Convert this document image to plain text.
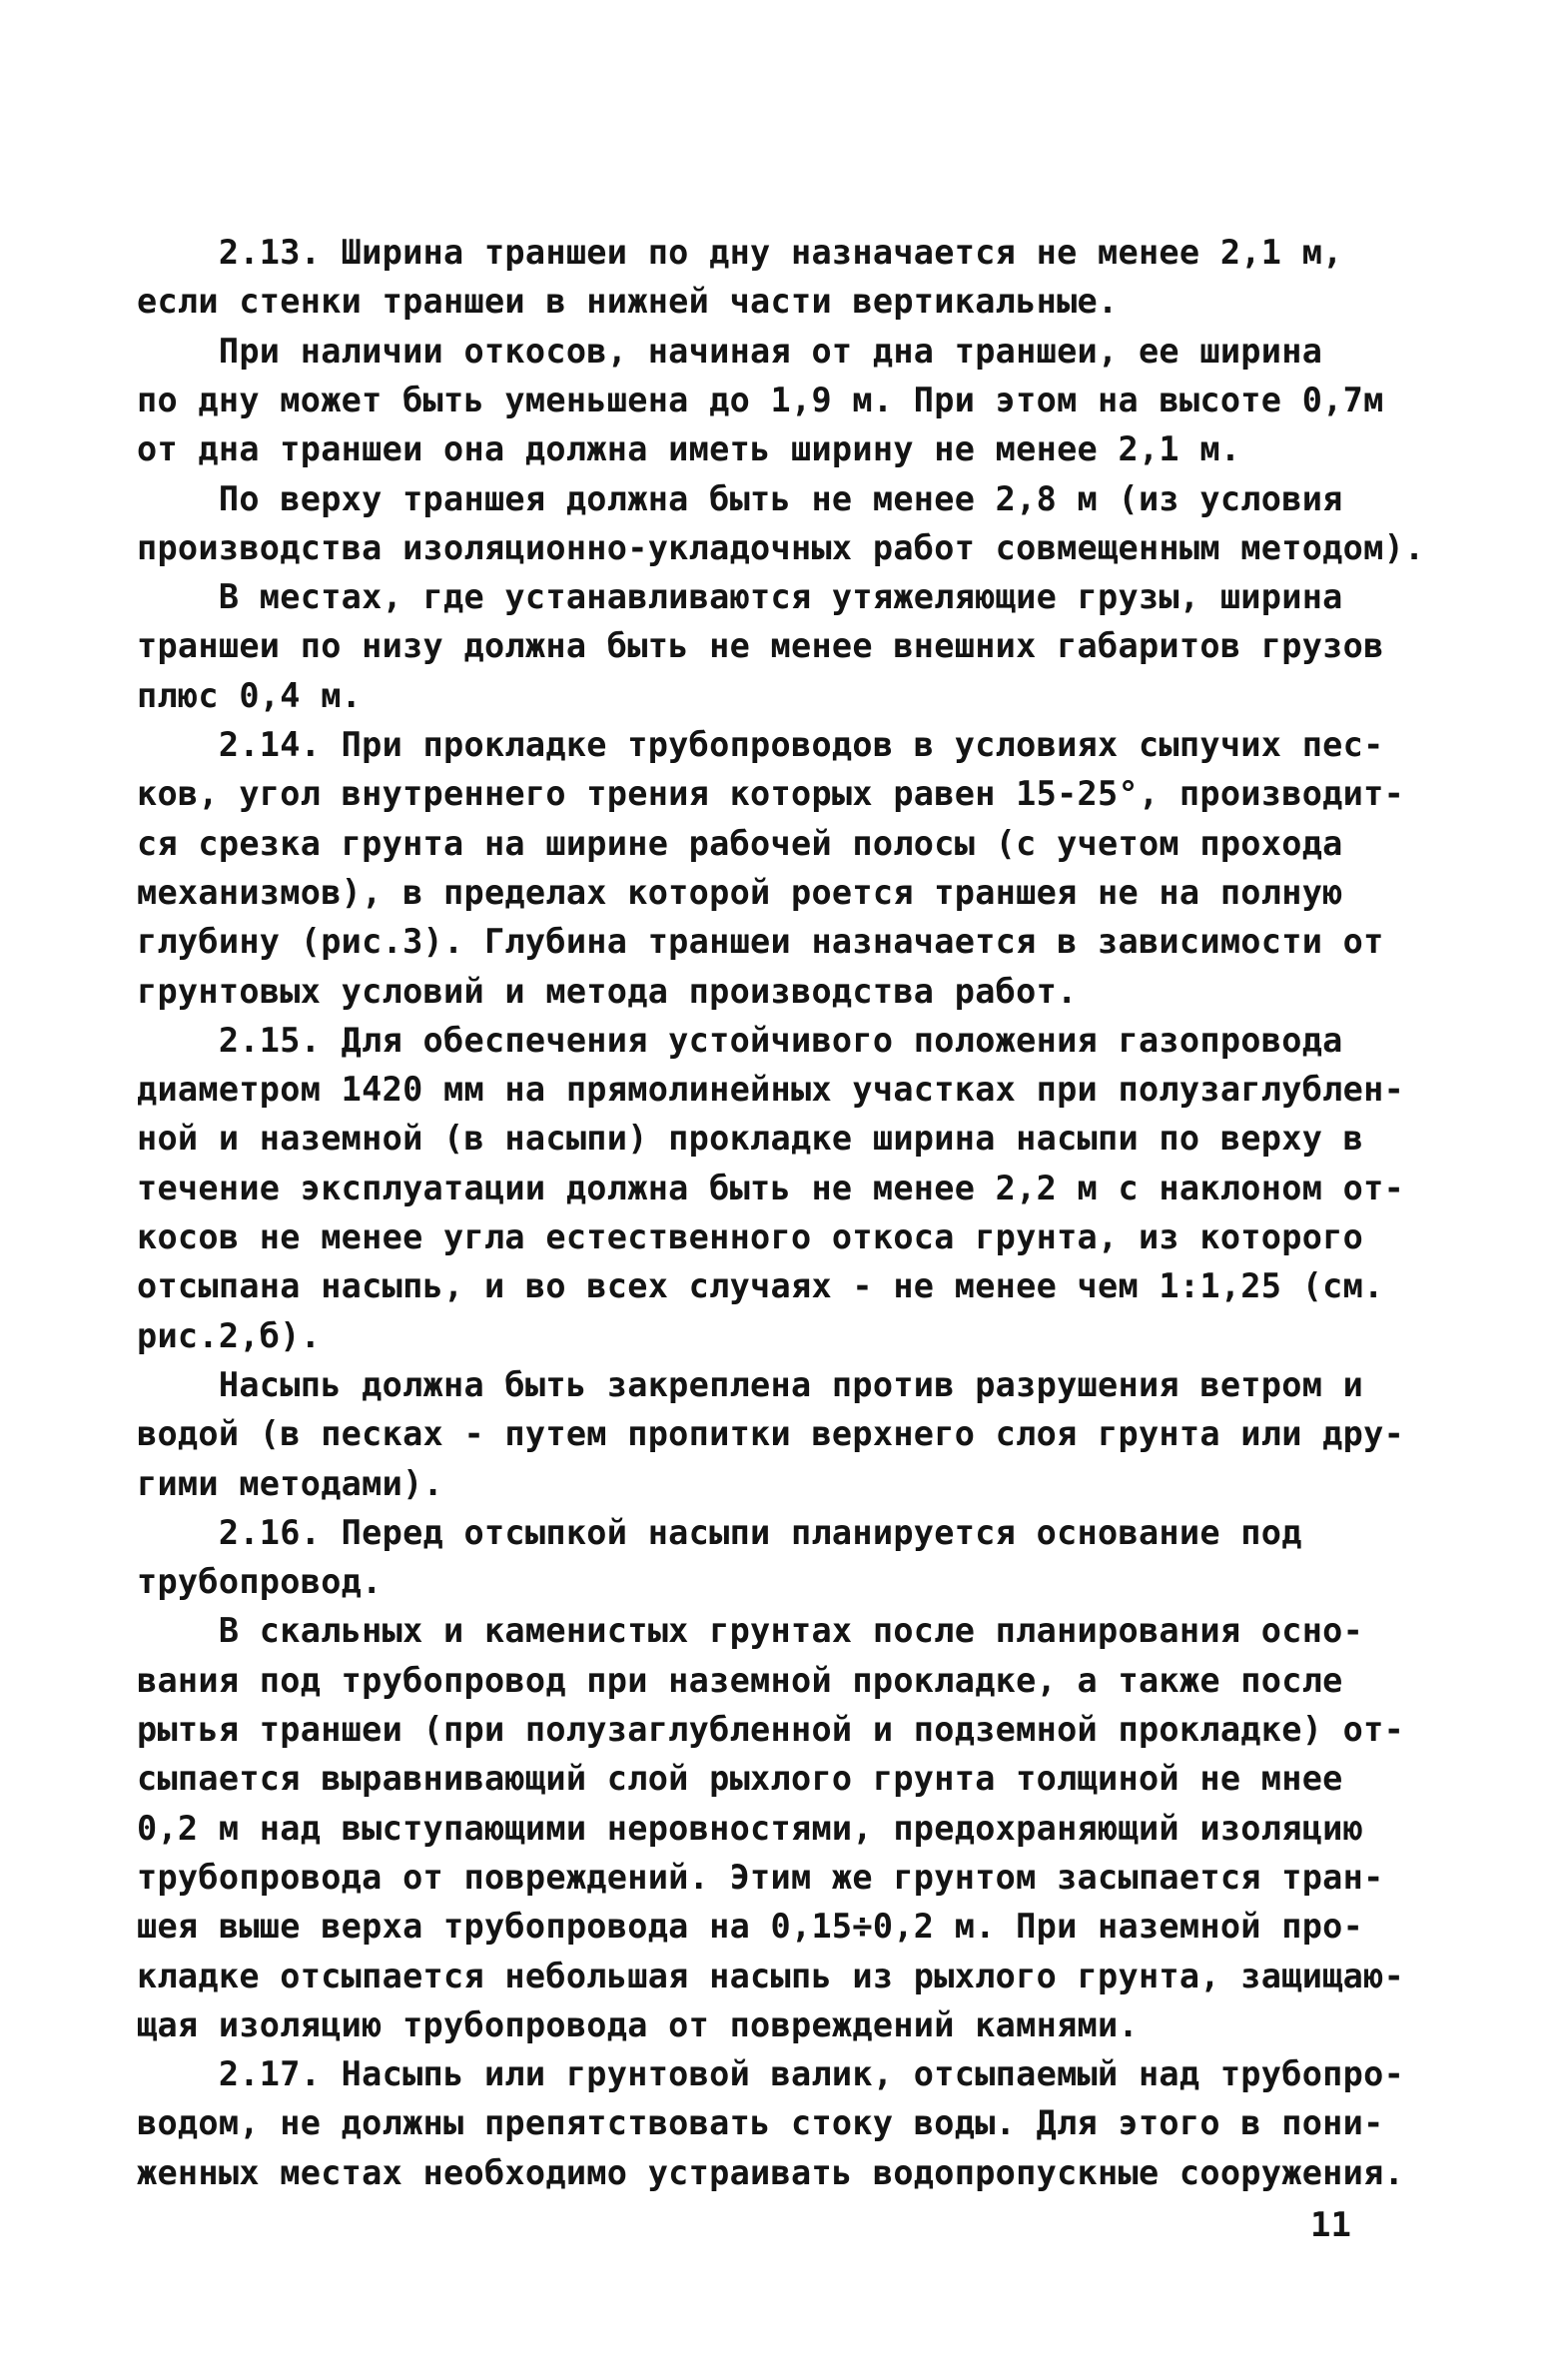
2.13. Ширина траншеи по дну назначается не менее 2,1 м,
если стенки траншеи в нижней части вертикальные.
При наличии откосов, начиная от дна траншеи, ее ширина
по дну может быть уменьшена до 1,9 м. При этом на высоте 0,7м
от дна траншеи она должна иметь ширину не менее 2,1 м.
По верху траншея должна быть не менее 2,8 м (из условия
производства изоляционно-укладочных работ совмещенным методом).
В местах, где устанавливаются утяжеляющие грузы, ширина
траншеи по низу должна быть не менее внешних габаритов грузов
плюс 0,4 м.
2.14. При прокладке трубопроводов в условиях сыпучих пес-
ков, угол внутреннего трения которых равен 15-25°, производит-
ся срезка грунта на ширине рабочей полосы (с учетом прохода
механизмов), в пределах которой роется траншея не на полную
глубину (рис.3). Глубина траншеи назначается в зависимости от
грунтовых условий и метода производства работ.
2.15. Для обеспечения устойчивого положения газопровода
диаметром 1420 мм на прямолинейных участках при полузаглублен-
ной и наземной (в насыпи) прокладке ширина насыпи по верху в
течение эксплуатации должна быть не менее 2,2 м с наклоном от-
косов не менее угла естественного откоса грунта, из которого
отсыпана насыпь, и во всех случаях - не менее чем 1:1,25 (см.
рис.2,б).
Насыпь должна быть закреплена против разрушения ветром и
водой (в песках - путем пропитки верхнего слоя грунта или дру-
гими методами).
2.16. Перед отсыпкой насыпи планируется основание под
трубопровод.
В скальных и каменистых грунтах после планирования осно-
вания под трубопровод при наземной прокладке, а также после
рытья траншеи (при полузаглубленной и подземной прокладке) от-
сыпается выравнивающий слой рыхлого грунта толщиной не мнее
0,2 м над выступающими неровностями, предохраняющий изоляцию
трубопровода от повреждений. Этим же грунтом засыпается тран-
шея выше верха трубопровода на 0,15÷0,2 м. При наземной про-
кладке отсыпается небольшая насыпь из рыхлого грунта, защищаю-
щая изоляцию трубопровода от повреждений камнями.
2.17. Насыпь или грунтовой валик, отсыпаемый над трубопро-
водом, не должны препятствовать стоку воды. Для этого в пони-
женных местах необходимо устраивать водопропускные сооружения.
11
